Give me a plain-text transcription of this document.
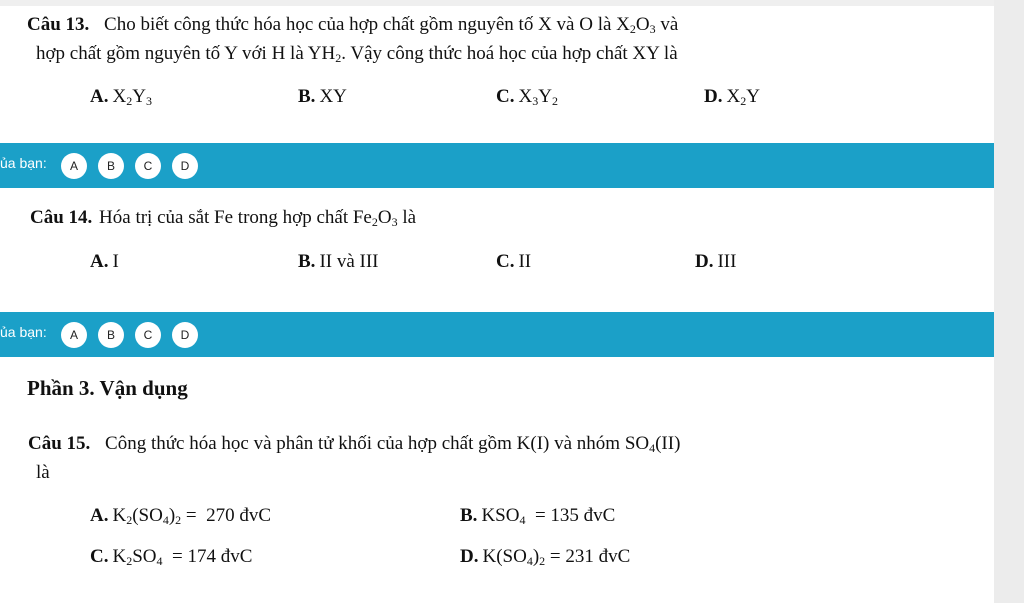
Câu 13. Cho biết công thức hóa học của hợp chất gồm nguyên tố X và O là $X_2O_3$ và
hợp chất gồm nguyên tố Y với H là $YH_2$. Vậy công thức hoá học của hợp chất XY là
A. $X_2Y_3$	B. XY	C. $X_3Y_2$	D. $X_2Y$
ủa bạn:	A	B	C	D
Câu 14. Hóa trị của sắt Fe trong hợp chất $Fe_2O_3$ là
A. I	B. II và III	C. II	D. III
ủa bạn:	A	B	C	D
Phần 3. Vận dụng
Câu 15. Công thức hóa học và phân tử khối của hợp chất gồm K(I) và nhóm $SO_4(II)$
là
A. $K_2(SO_4)_2 = 270$ đvC	B. $KSO_4 = 135$ đvC
C. $K_2SO_4 = 174$ đvC	D. $K(SO_4)_2 = 231$ đvC
